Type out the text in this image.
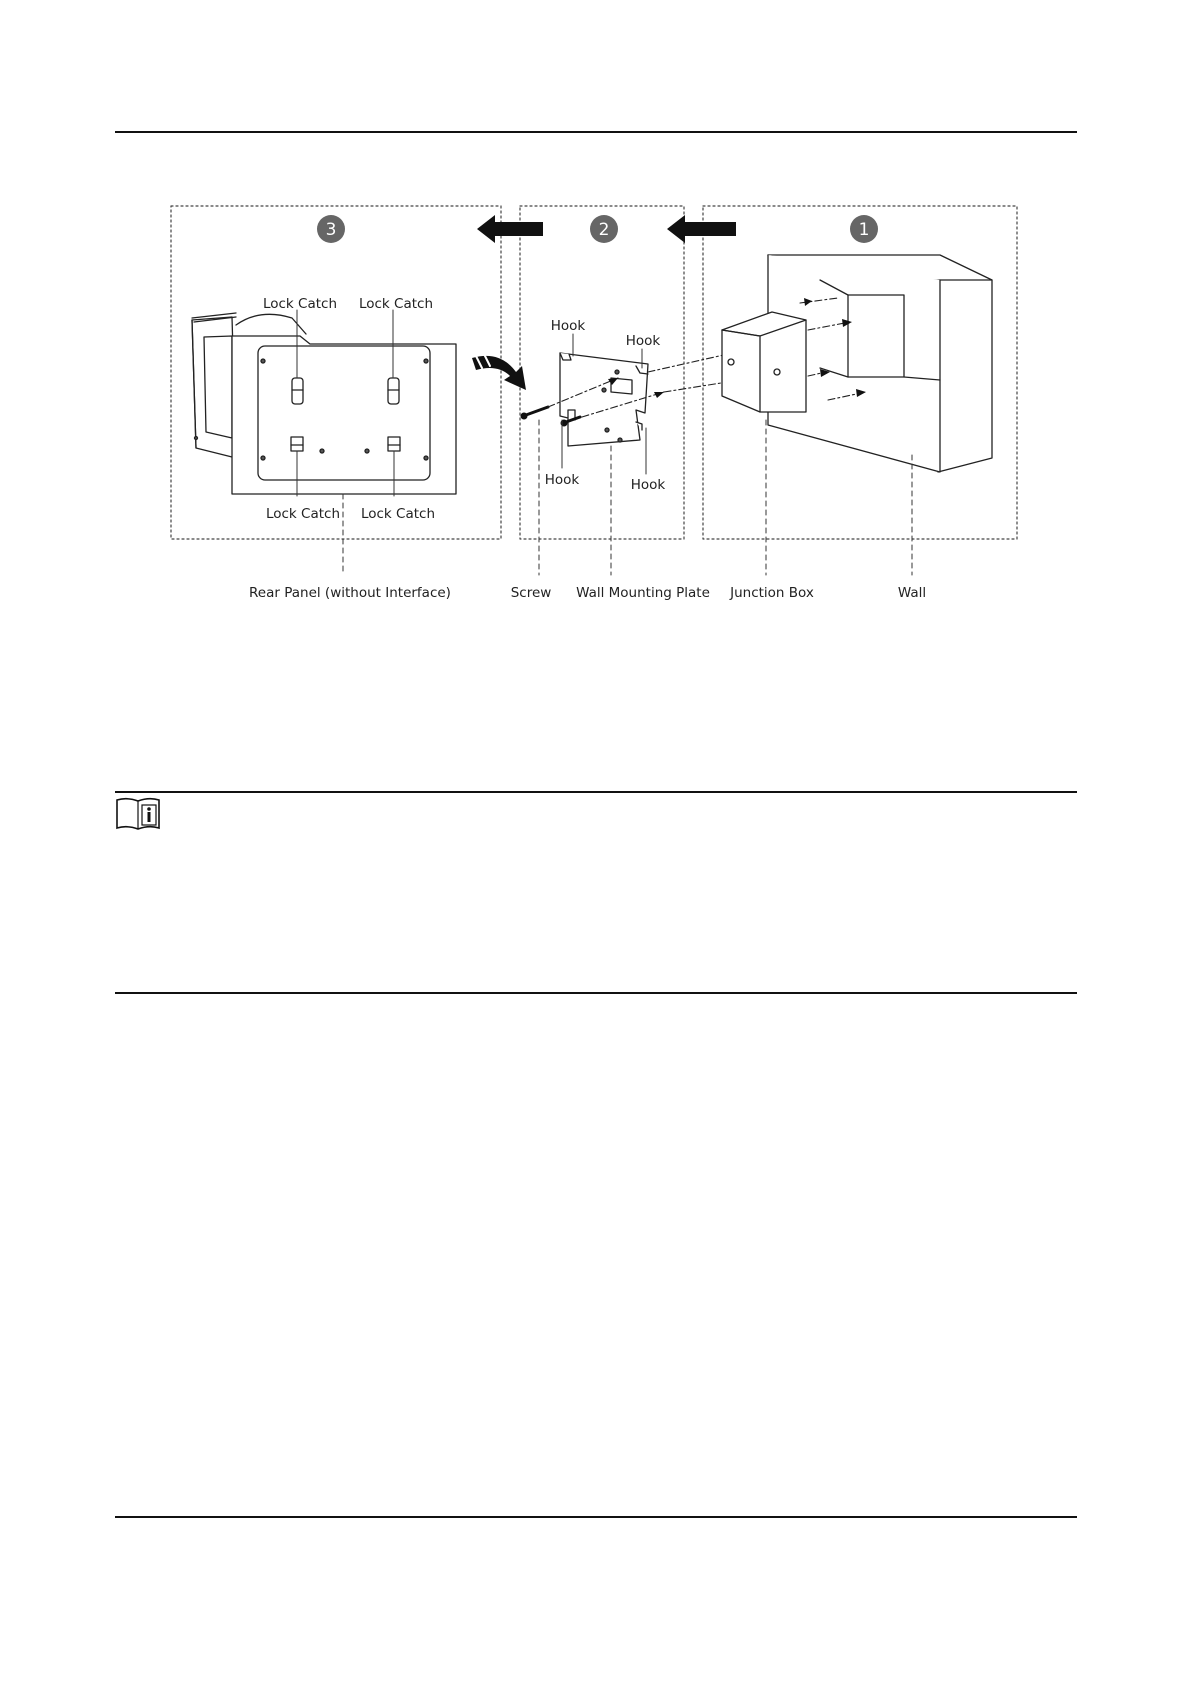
3	2	1
Lock Catch Lock Catch
Lock Catch Lock Catch
Hook
Hook
Hook	Hook
Rear Panel (without Interface)	Screw Wall Mounting Plate Junction Box	Wall
